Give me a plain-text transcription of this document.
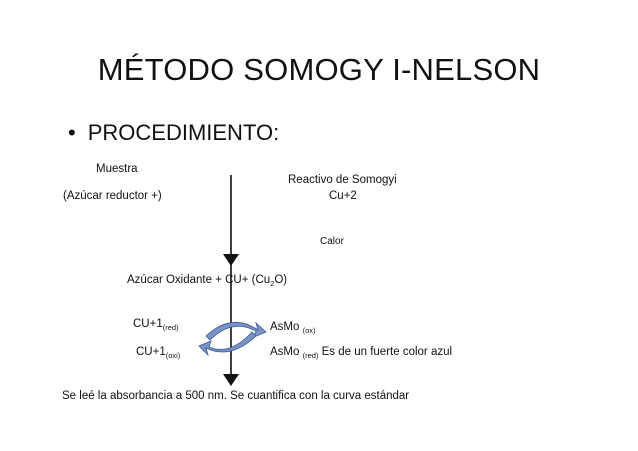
MÉTODO SOMOGY I-NELSON
• PROCEDIMIENTO:
Muestra
(Azúcar reductor +)
Reactivo de Somogyi
Cu+2
Calor
Azúcar Oxidante + $CU+ (Cu_2O)$
$CU+1_{(red)}$
$CU+1_{(oxi)}$
AsMo $_{(ox)}$
AsMo $_{(red)}$ Es de un fuerte color azul
Se leé la absorbancia a 500 nm. Se cuantifica con la curva estándar
